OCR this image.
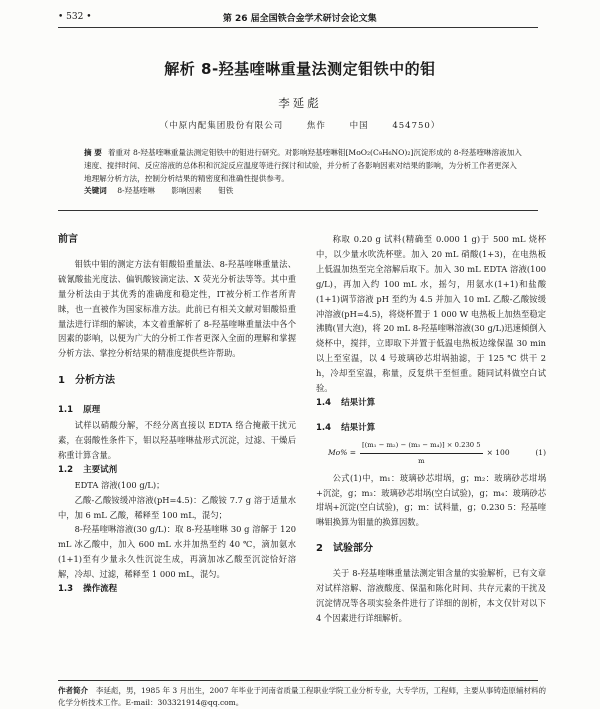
• 532 •	第 26 届全国铁合金学术研讨会论文集
解析 8-羟基喹啉重量法测定钼铁中的钼
李延彪
（中原内配集团股份有限公司	焦作	中国	454750）
摘 要 着重对 8-羟基喹啉重量法测定钼铁中的钼进行研究。对影响羟基喹啉钼[MoO₂(C₉H₆NO)₂]沉淀形成的 8-羟基喹啉溶液加入速度、搅拌时间、反应溶液的总体积和沉淀反应温度等进行探讨和试验，并分析了各影响因素对结果的影响，为分析工作者更深入地理解分析方法，控制分析结果的精密度和准确性提供参考。
关键词 8-羟基喹啉 影响因素 钼铁
前言

钼铁中钼的测定方法有钼酸铅重量法、8-羟基喹啉重量法、硫氰酸盐光度法、偏钒酸铵滴定法、X 荧光分析法等等。其中重量分析法由于其优秀的准确度和稳定性，IT被分析工作者所青睐，也一直被作为国家标准方法。此前已有相关文献对钼酸铅重量法进行详细的解读，本文着重解析了 8-羟基喹啉重量法中各个因素的影响，以便为广大的分析工作者更深入全面的理解和掌握分析方法、掌控分析结果的精准度提供些许帮助。

1 分析方法
1.1 原理

试样以硝酸分解，不经分离直接以 EDTA 络合掩蔽干扰元素，在弱酸性条件下，钼以羟基喹啉盐形式沉淀，过滤、干燥后称重计算含量。

1.2 主要试剂

EDTA 溶液(100 g/L)；

乙酸-乙酸铵缓冲溶液(pH=4.5)：乙酸铵 7.7 g 溶于适量水中，加 6 mL 乙酸，稀释至 100 mL，混匀；

8-羟基喹啉溶液(30 g/L)：取 8-羟基喹啉 30 g 溶解于 120 mL 冰乙酸中，加入 600 mL 水并加热至约 40 ℃，滴加氨水(1+1)至有少量永久性沉淀生成，再滴加冰乙酸至沉淀恰好溶解，冷却、过滤，稀释至 1 000 mL，混匀。

1.3 操作流程

称取 0.20 g 试料(精确至 0.000 1 g)于 500 mL 烧杯中，以少量水吹洗杯壁。加入 20 mL 硝酸(1+3)，在电热板上低温加热至完全溶解后取下。加入 30 mL EDTA 溶液(100 g/L)，再加入约 100 mL 水，摇匀，用氨水(1+1)和盐酸(1+1)调节溶液 pH 至约为 4.5 并加入 10 mL 乙酸-乙酸铵缓冲溶液(pH=4.5)，将烧杯置于 1 000 W 电热板上加热至稳定沸腾(冒大泡)，将 20 mL 8-羟基喹啉溶液(30 g/L)迅速倾倒入烧杯中，搅拌，立即取下并置于低温电热板边缘保温 30 min 以上至室温，以 4 号玻璃砂芯坩埚抽滤，于 125 ℃ 烘干 2 h，冷却至室温，称量，反复烘干至恒重。随同试料做空白试验。

1.4 结果计算
1.4 结果计算
$Mo\% = \frac{\text{[(m₁ − m₂) − (m₃ − m₄)] × 0.230 5}}{m} \times 100$	(1)

公式(1)中，m₁：玻璃砂芯坩埚，g；m₂：玻璃砂芯坩埚+沉淀，g；m₃：玻璃砂芯坩埚(空白试验)，g；m₄：玻璃砂芯坩埚+沉淀(空白试验)，g；m：试料量，g；0.230 5：羟基喹啉钼换算为钼量的换算因数。

2 试验部分

关于 8-羟基喹啉重量法测定钼含量的实验解析，已有文章对试样溶解、溶液酸度、保温和陈化时间、共存元素的干扰及沉淀情况等各项实验条件进行了详细的剖析，本文仅针对以下 4 个因素进行详细解析。

作者简介 李延彪，男，1985 年 3 月出生，2007 年毕业于河南省质量工程职业学院工业分析专业，大专学历，工程师，主要从事铸造原辅材料的化学分析技术工作。E-mail：303321914@qq.com。
